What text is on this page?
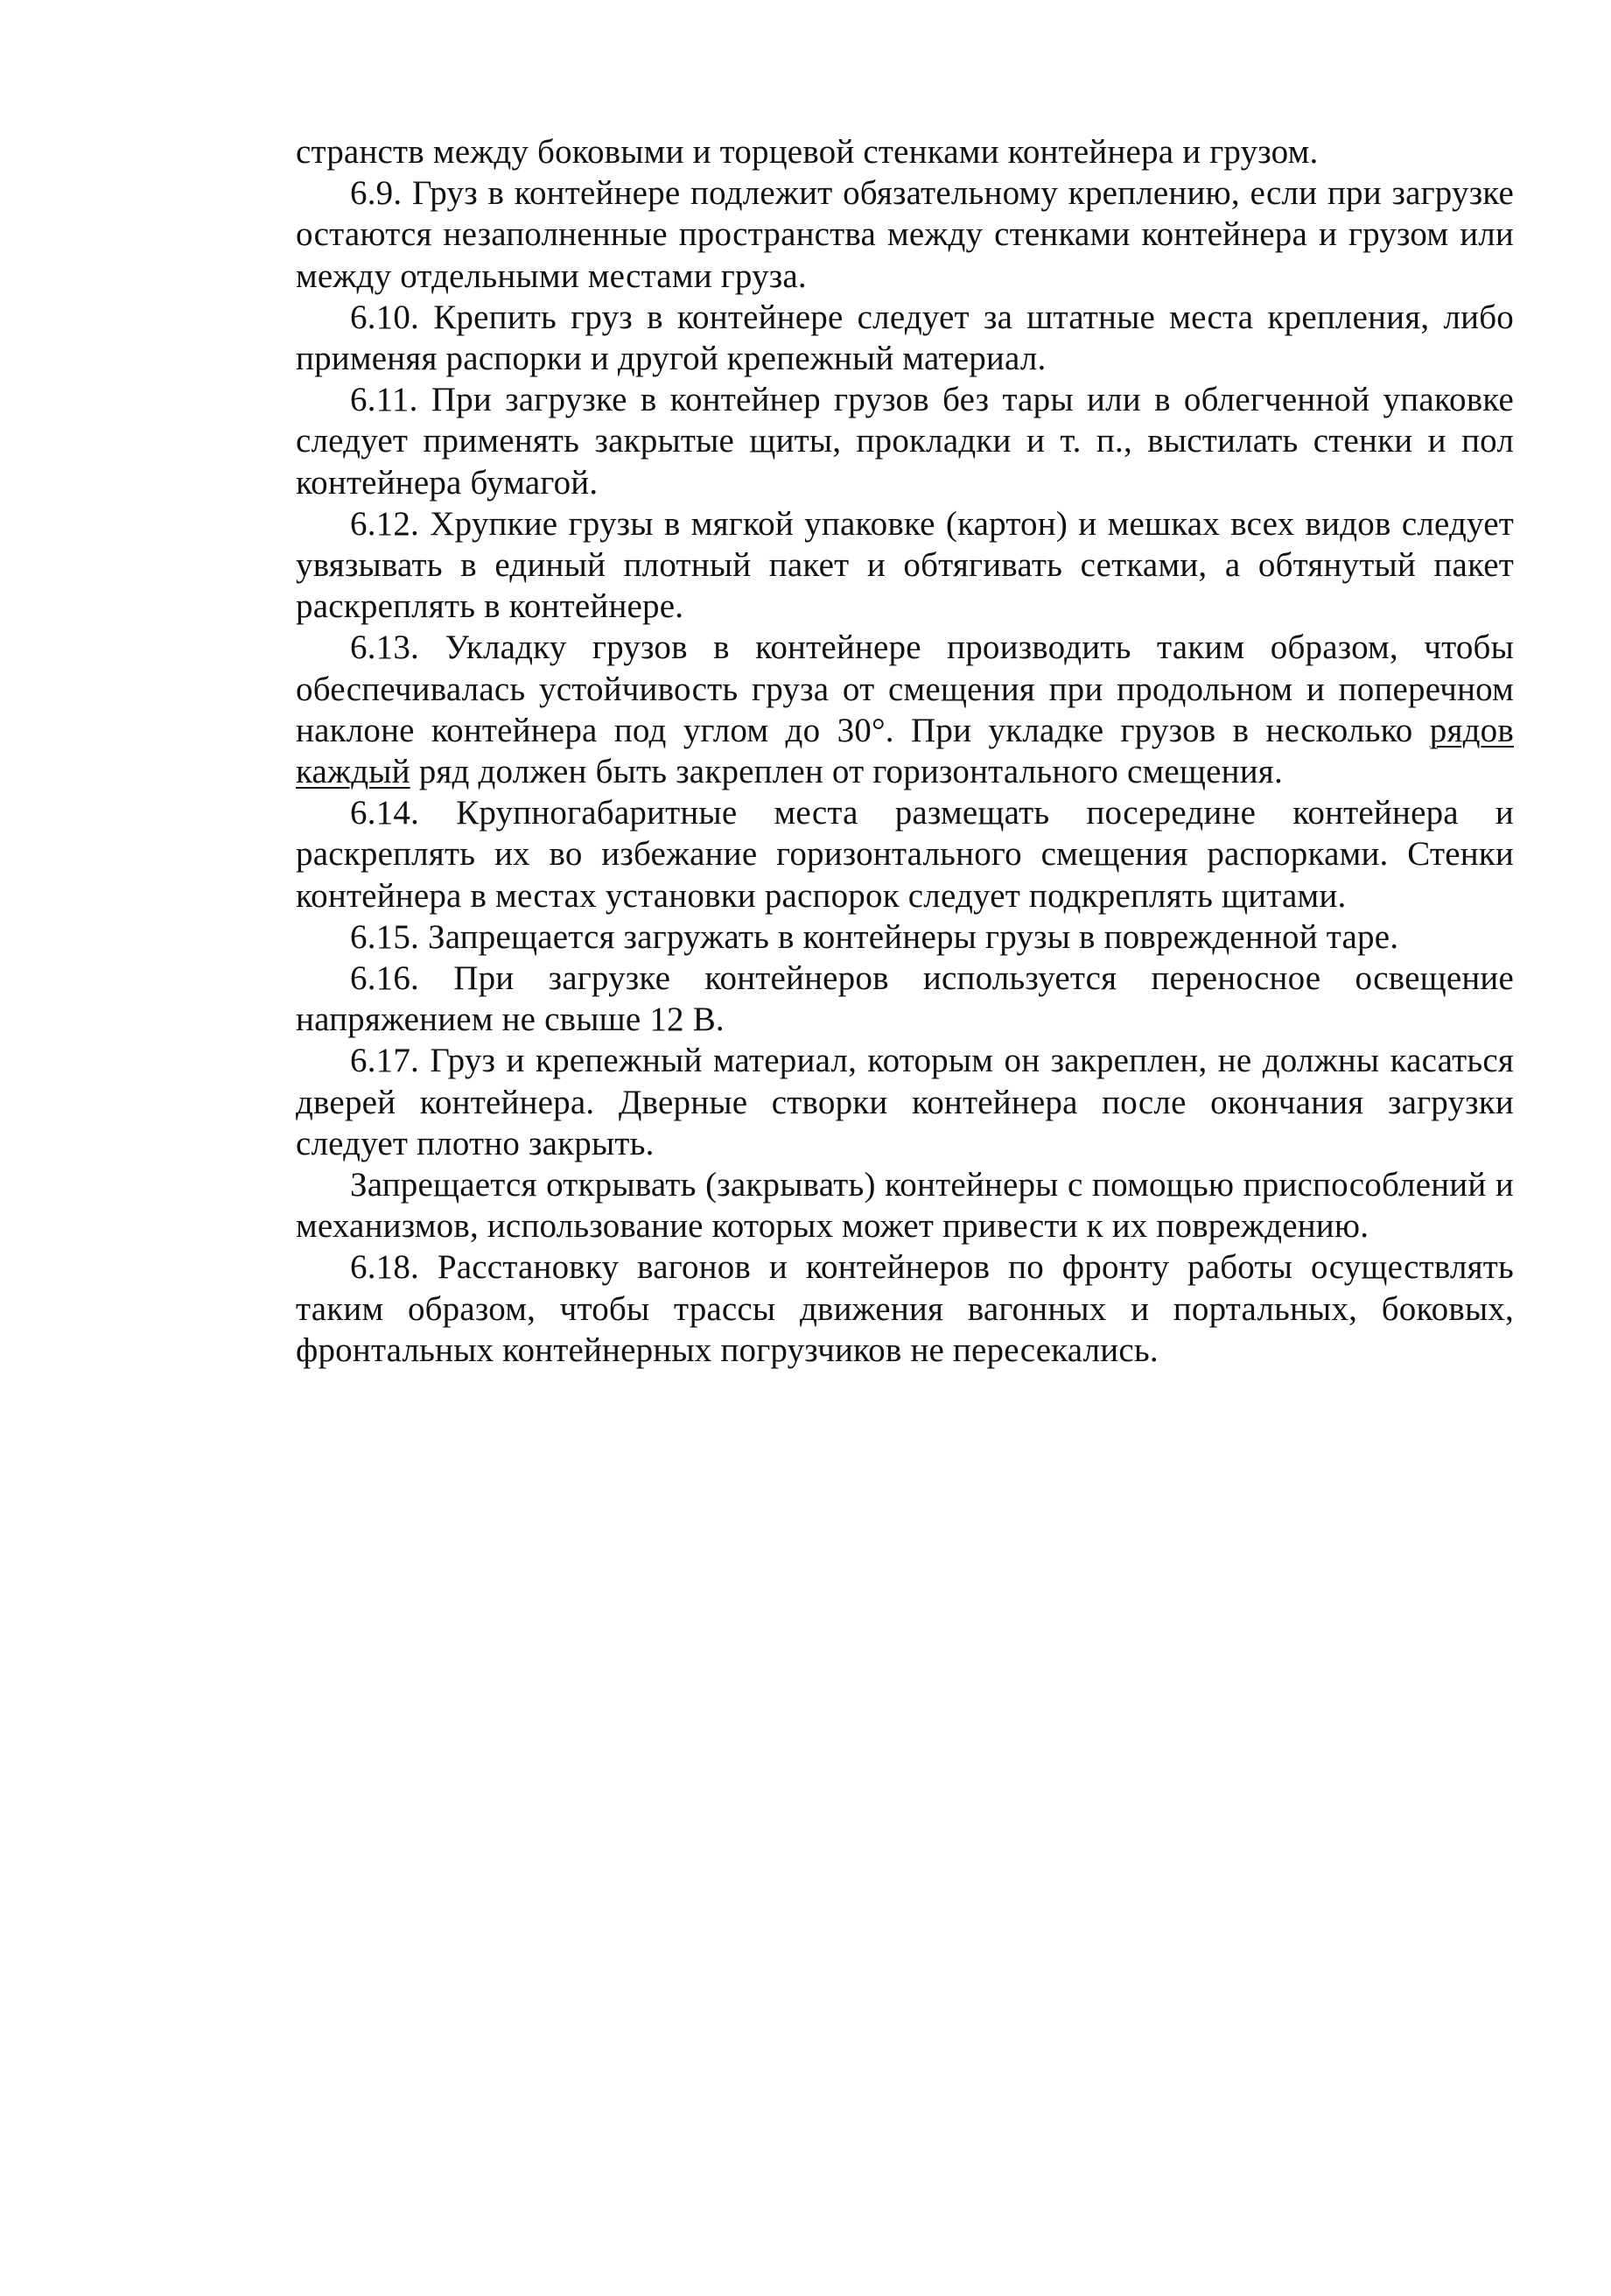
странств между боковыми и торцевой стенками контейнера и грузом.

6.9. Груз в контейнере подлежит обязательному креплению, если при загрузке остаются незаполненные пространства между стенками контейнера и грузом или между отдельными местами груза.

6.10. Крепить груз в контейнере следует за штатные места крепления, либо применяя распорки и другой крепежный материал.

6.11. При загрузке в контейнер грузов без тары или в облегченной упаковке следует применять закрытые щиты, прокладки и т. п., выстилать стенки и пол контейнера бумагой.

6.12. Хрупкие грузы в мягкой упаковке (картон) и мешках всех видов следует увязывать в единый плотный пакет и обтягивать сетками, а обтянутый пакет раскреплять в контейнере.

6.13. Укладку грузов в контейнере производить таким образом, чтобы обеспечивалась устойчивость груза от смещения при продольном и поперечном наклоне контейнера под углом до 30°. При укладке грузов в несколько рядов каждый ряд должен быть закреплен от горизонтального смещения.

6.14. Крупногабаритные места размещать посередине контейнера и раскреплять их во избежание горизонтального смещения распорками. Стенки контейнера в местах установки распорок следует подкреплять щитами.

6.15. Запрещается загружать в контейнеры грузы в поврежденной таре.

6.16. При загрузке контейнеров используется переносное освещение напряжением не свыше 12 В.

6.17. Груз и крепежный материал, которым он закреплен, не должны касаться дверей контейнера. Дверные створки контейнера после окончания загрузки следует плотно закрыть.

Запрещается открывать (закрывать) контейнеры с помощью приспособлений и механизмов, использование которых может привести к их повреждению.

6.18. Расстановку вагонов и контейнеров по фронту работы осуществлять таким образом, чтобы трассы движения вагонных и портальных, боковых, фронтальных контейнерных погрузчиков не пересекались.
